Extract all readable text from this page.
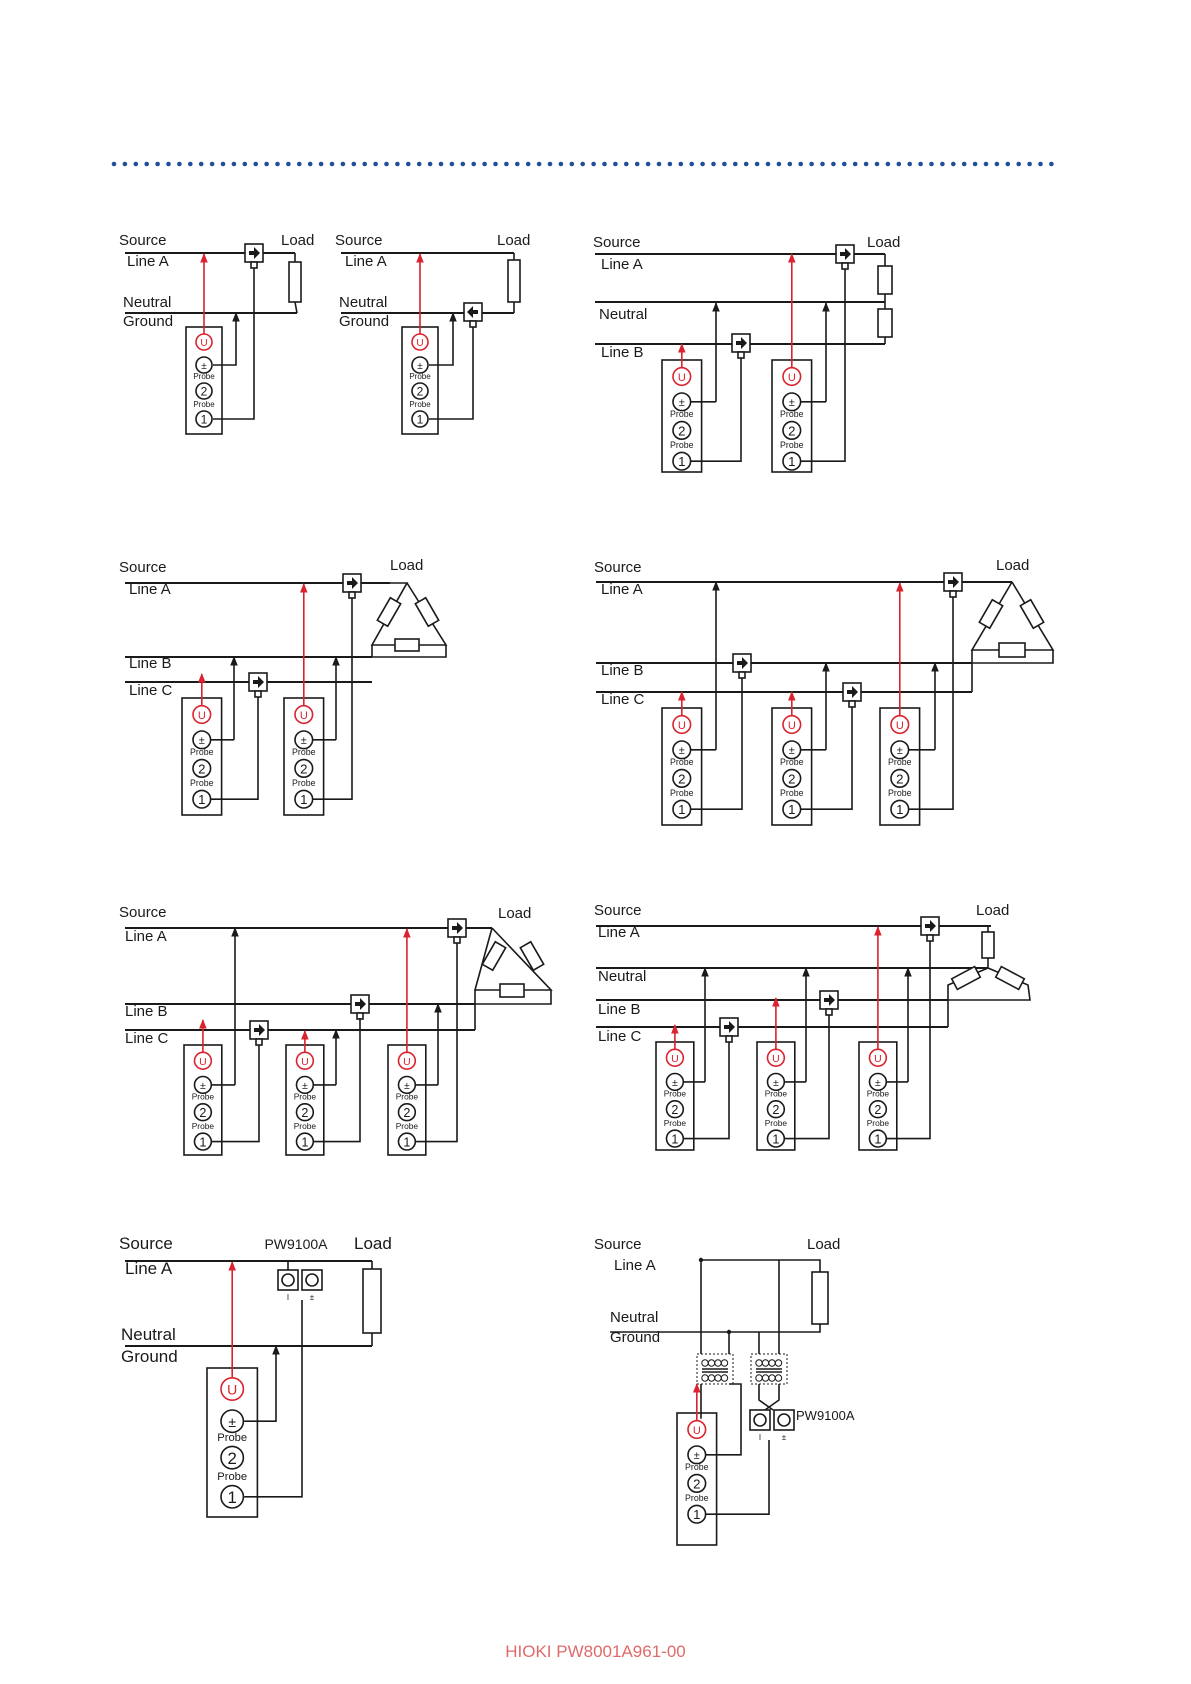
Source
Line A
Neutral
Ground
Load
U
±
Probe
2
Probe
1
Source
Line A
Neutral
Ground
Load
U
±
Probe
2
Probe
1
Source
Line A
Neutral
Line B
Load
U
±
Probe
2
Probe
1
U
±
Probe
2
Probe
1
Source
Line A
Line B
Line C
Load
U
±
Probe
2
Probe
1
U
±
Probe
2
Probe
1
Source
Line A
Line B
Line C
Load
U
±
Probe
2
Probe
1
U
±
Probe
2
Probe
1
U
±
Probe
2
Probe
1
Source
Line A
Line B
Line C
Load
U
±
Probe
2
Probe
1
U
±
Probe
2
Probe
1
U
±
Probe
2
Probe
1
Source
Line A
Neutral
Line B
Line C
Load
U
±
Probe
2
Probe
1
U
±
Probe
2
Probe
1
U
±
Probe
2
Probe
1
Source
Line A
Neutral
Ground
PW9100A Load
I	±
U
±
Probe
2
Probe
1
Source
Line A
Neutral
Ground
Load
PW9100A
I	±
U
±
Probe
2
Probe
1
HIOKI PW8001A961-00
